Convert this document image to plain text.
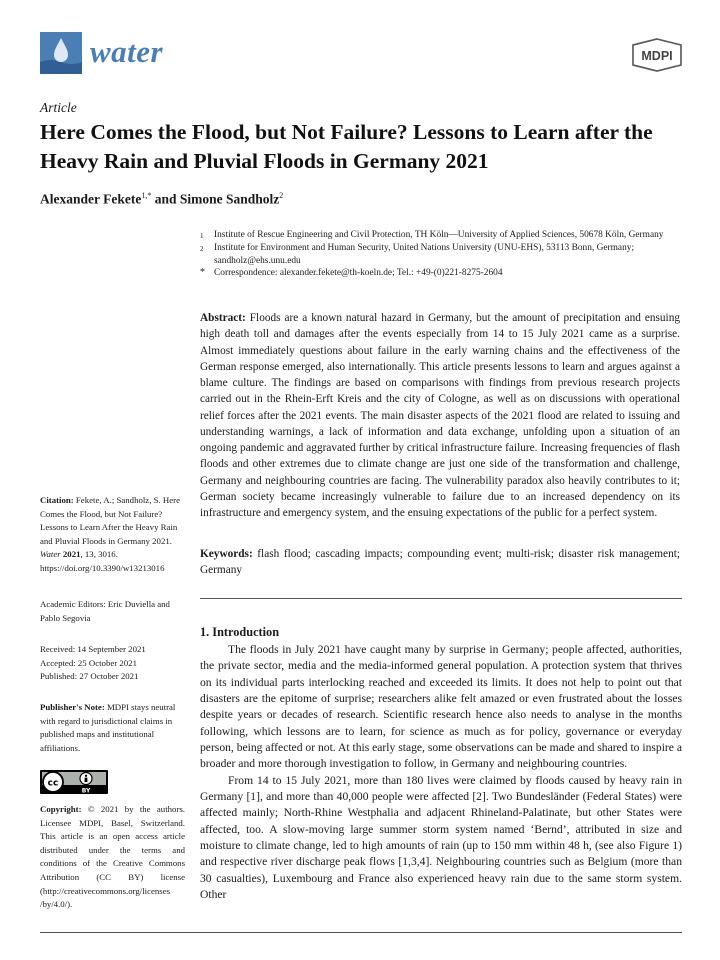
water	MDPI
Article
Here Comes the Flood, but Not Failure? Lessons to Learn after the Heavy Rain and Pluvial Floods in Germany 2021
Alexander Fekete$^{1,*}$ and Simone Sandholz$^2$
1	Institute of Rescue Engineering and Civil Protection, TH Köln—University of Applied Sciences, 50678 Köln, Germany
2	Institute for Environment and Human Security, United Nations University (UNU-EHS), 53113 Bonn, Germany; sandholz@ehs.unu.edu
* Correspondence: alexander.fekete@th-koeln.de; Tel.: +49-(0)221-8275-2604
Abstract: Floods are a known natural hazard in Germany, but the amount of precipitation and ensuing high death toll and damages after the events especially from 14 to 15 July 2021 came as a surprise. Almost immediately questions about failure in the early warning chains and the effectiveness of the German response emerged, also internationally. This article presents lessons to learn and argues against a blame culture. The findings are based on comparisons with findings from previous research projects carried out in the Rhein-Erft Kreis and the city of Cologne, as well as on discussions with operational relief forces after the 2021 events. The main disaster aspects of the 2021 flood are related to issuing and understanding warnings, a lack of information and data exchange, unfolding upon a situation of an ongoing pandemic and aggravated further by critical infrastructure failure. Increasing frequencies of flash floods and other extremes due to climate change are just one side of the transformation and challenge, Germany and neighbouring countries are facing. The vulnerability paradox also heavily contributes to it; German society became increasingly vulnerable to failure due to an increased dependency on its infrastructure and emergency system, and the ensuing expectations of the public for a perfect system.
Keywords: flash flood; cascading impacts; compounding event; multi-risk; disaster risk management; Germany
Citation: Fekete, A.; Sandholz, S. Here Comes the Flood, but Not Failure? Lessons to Learn After the Heavy Rain and Pluvial Floods in Germany 2021. Water 2021, 13, 3016. https://doi.org/10.3390/w13213016
Academic Editors: Eric Duviella and Pablo Segovia
Received: 14 September 2021
Accepted: 25 October 2021
Published: 27 October 2021
Publisher's Note: MDPI stays neutral with regard to jurisdictional claims in published maps and institutional affiliations.
cc
BY
Copyright: © 2021 by the authors. Licensee MDPI, Basel, Switzerland. This article is an open access article distributed under the terms and conditions of the Creative Commons Attribution (CC BY) license (http://creativecommons.org/licenses /by/4.0/).
1. Introduction

The floods in July 2021 have caught many by surprise in Germany; people affected, authorities, the private sector, media and the media-informed general population. A protection system that thrives on its individual parts interlocking reached and exceeded its limits. It does not help to point out that disasters are the epitome of surprise; researchers alike felt amazed or even frustrated about the losses despite years or decades of research. Scientific research hence also needs to analyse in the months following, which lessons are to learn, for science as much as for policy, governance or everyday person, being affected or not. At this early stage, some observations can be made and shared to inspire a broader and more thorough investigation to follow, in Germany and neighbouring countries.

From 14 to 15 July 2021, more than 180 lives were claimed by floods caused by heavy rain in Germany [1], and more than 40,000 people were affected [2]. Two Bundesländer (Federal States) were affected mainly; North-Rhine Westphalia and adjacent Rhineland-Palatinate, but other States were affected, too. A slow-moving large summer storm system named ‘Bernd’, attributed in size and moisture to climate change, led to high amounts of rain (up to 150 mm within 48 h, (see also Figure 1) and respective river discharge peak flows [1,3,4]. Neighbouring countries such as Belgium (more than 30 casualties), Luxembourg and France also experienced heavy rain due to the same storm system. Other
